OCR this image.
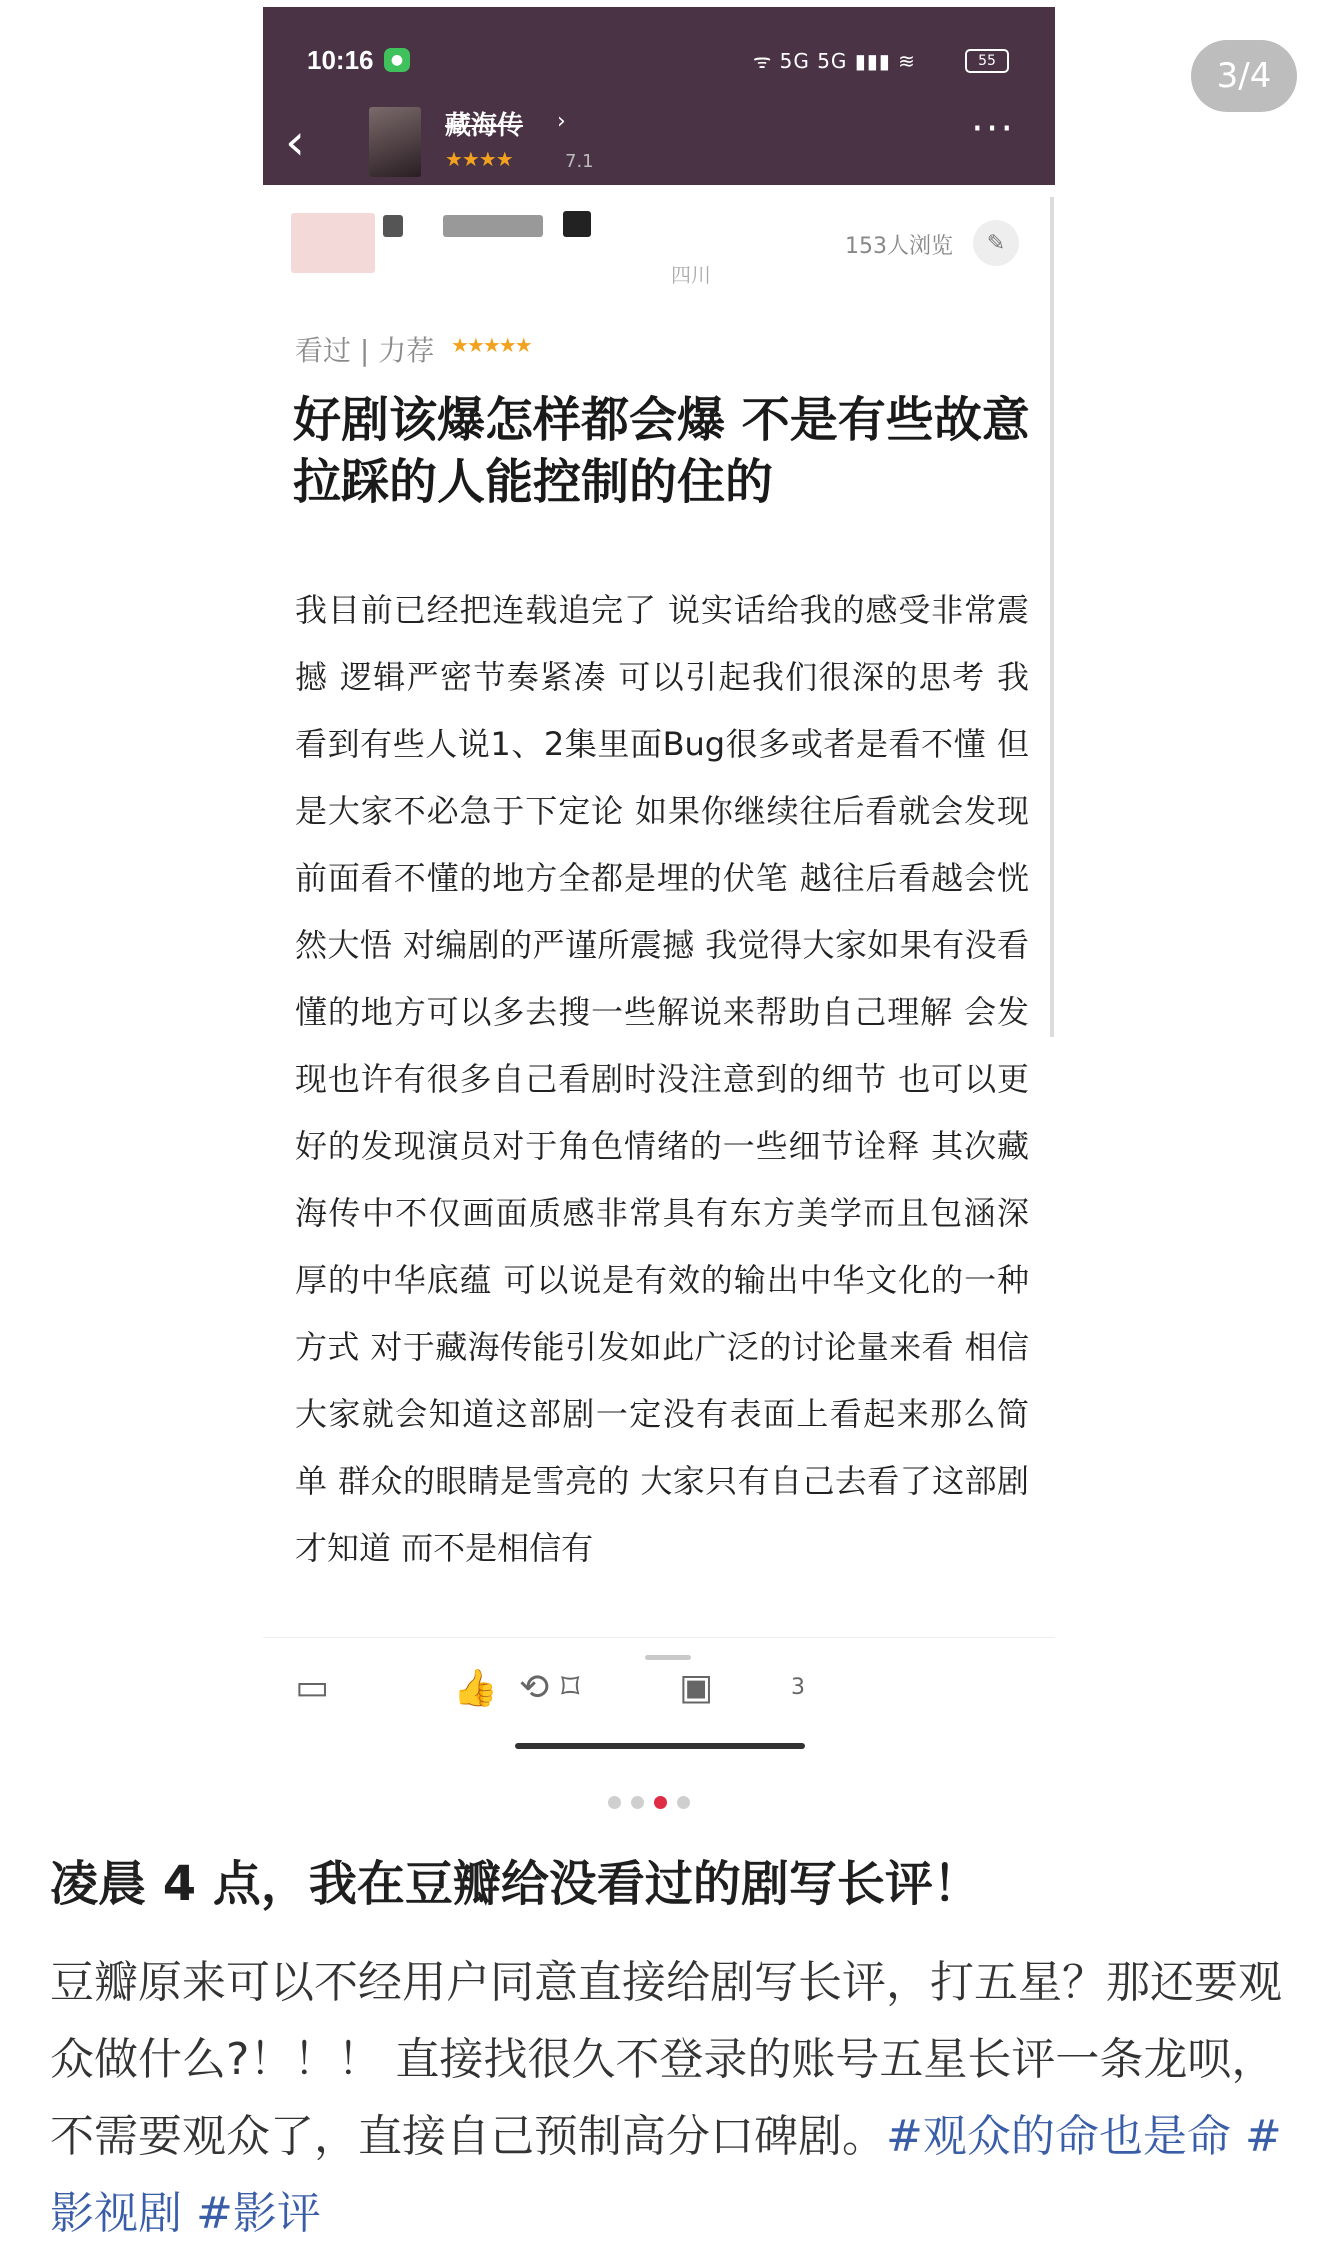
3/4
10:16	●	ᯤ 5G 5G ▮▮▮ ≋	55
‹	藏海传 ›
★★★★	7.1
···
四川
153人浏览	✎
看过 | 力荐 ★★★★★
好剧该爆怎样都会爆 不是有些故意拉踩的人能控制的住的
我目前已经把连载追完了 说实话给我的感受非常震撼 逻辑严密节奏紧凑 可以引起我们很深的思考 我看到有些人说1、2集里面Bug很多或者是看不懂 但是大家不必急于下定论 如果你继续往后看就会发现前面看不懂的地方全都是埋的伏笔 越往后看越会恍然大悟 对编剧的严谨所震撼 我觉得大家如果有没看懂的地方可以多去搜一些解说来帮助自己理解 会发现也许有很多自己看剧时没注意到的细节 也可以更好的发现演员对于角色情绪的一些细节诠释 其次藏海传中不仅画面质感非常具有东方美学而且包涵深厚的中华底蕴 可以说是有效的输出中华文化的一种方式 对于藏海传能引发如此广泛的讨论量来看 相信大家就会知道这部剧一定没有表面上看起来那么简单 群众的眼睛是雪亮的 大家只有自己去看了这部剧才知道 而不是相信有
▭	👍	3
⟲ ⌑	▣
凌晨 4 点，我在豆瓣给没看过的剧写长评！
豆瓣原来可以不经用户同意直接给剧写长评，打五星？那还要观众做什么?！！！ 直接找很久不登录的账号五星长评一条龙呗，不需要观众了，直接自己预制高分口碑剧。#观众的命也是命 #影视剧 #影评
